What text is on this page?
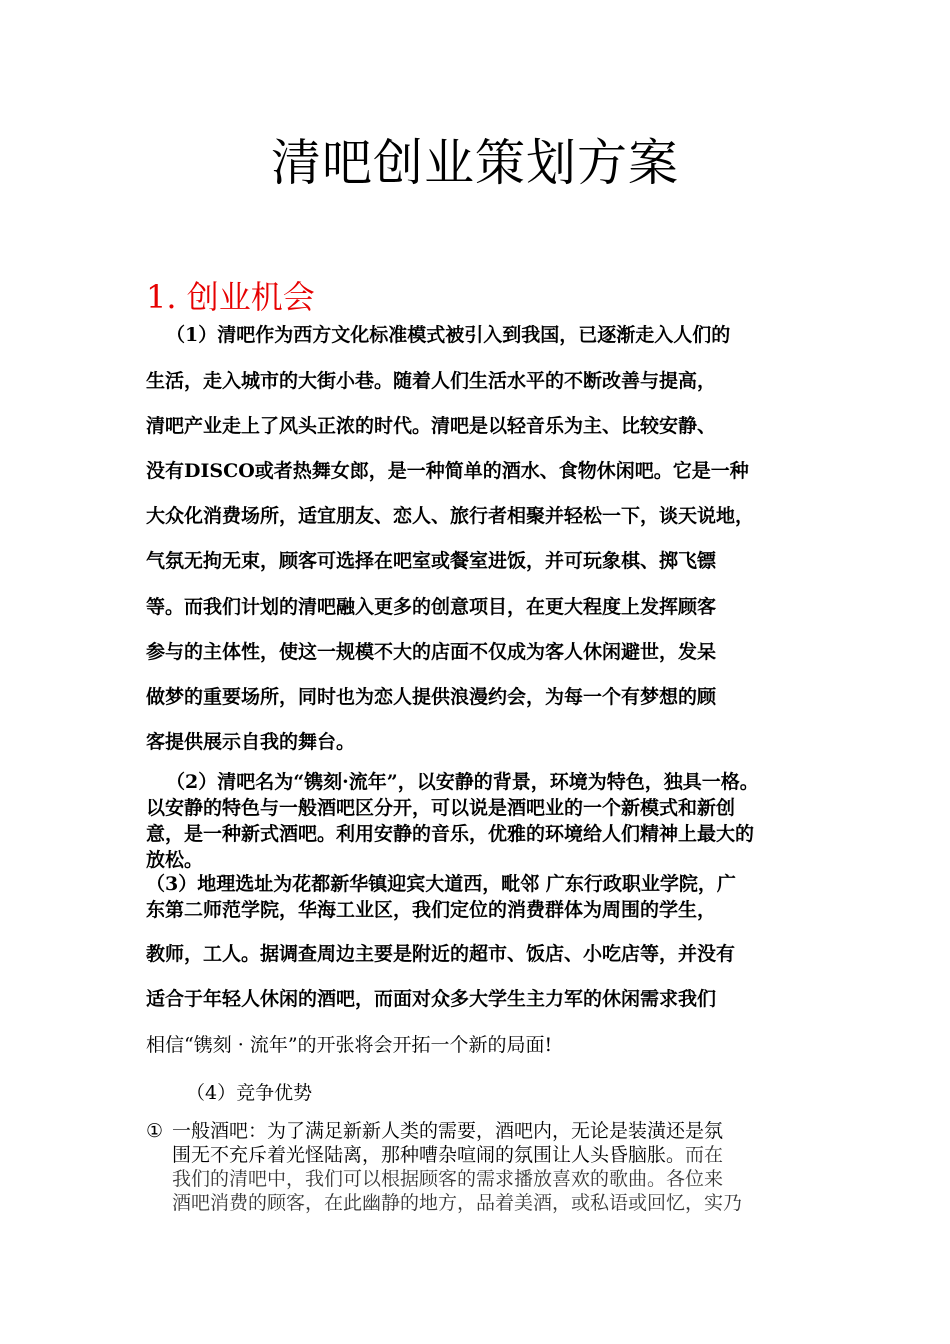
清吧创业策划方案
1. 创业机会
（1）清吧作为西方文化标准模式被引入到我国，已逐渐走入人们的
生活，走入城市的大街小巷。随着人们生活水平的不断改善与提高，
清吧产业走上了风头正浓的时代。清吧是以轻音乐为主、比较安静、
没有DISCO或者热舞女郎，是一种简单的酒水、食物休闲吧。它是一种
大众化消费场所，适宜朋友、恋人、旅行者相聚并轻松一下，谈天说地，
气氛无拘无束，顾客可选择在吧室或餐室进饭，并可玩象棋、掷飞镖
等。而我们计划的清吧融入更多的创意项目，在更大程度上发挥顾客
参与的主体性，使这一规模不大的店面不仅成为客人休闲避世，发呆
做梦的重要场所，同时也为恋人提供浪漫约会，为每一个有梦想的顾
客提供展示自我的舞台。
（2）清吧名为“镌刻·流年”，以安静的背景，环境为特色，独具一格。
以安静的特色与一般酒吧区分开，可以说是酒吧业的一个新模式和新创
意，是一种新式酒吧。利用安静的音乐，优雅的环境给人们精神上最大的
放松。
（3）地理选址为花都新华镇迎宾大道西，毗邻 广东行政职业学院，广
东第二师范学院，华海工业区，我们定位的消费群体为周围的学生，
教师，工人。据调查周边主要是附近的超市、饭店、小吃店等，并没有
适合于年轻人休闲的酒吧，而面对众多大学生主力军的休闲需求我们
相信“镌刻 · 流年”的开张将会开拓一个新的局面!
（4）竞争优势
① 一般酒吧：为了满足新新人类的需要，酒吧内，无论是装潢还是氛
围无不充斥着光怪陆离，那种嘈杂喧闹的氛围让人头昏脑胀。而在
我们的清吧中，我们可以根据顾客的需求播放喜欢的歌曲。各位来
酒吧消费的顾客，在此幽静的地方，品着美酒，或私语或回忆，实乃
